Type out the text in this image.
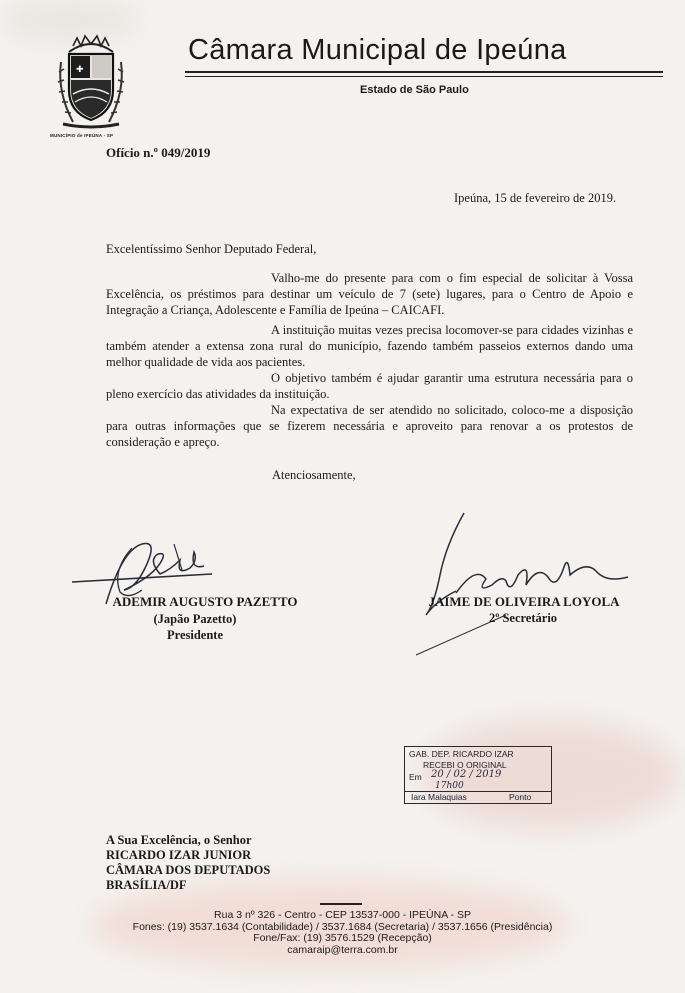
✚
MUNICÍPIO de IPEÚNA - SP
Câmara Municipal de Ipeúna
Estado de São Paulo
Ofício n.º 049/2019
Ipeúna, 15 de fevereiro de 2019.
Excelentíssimo Senhor Deputado Federal,

Valho-me do presente para com o fim especial de solicitar à Vossa Excelência, os préstimos para destinar um veículo de 7 (sete) lugares, para o Centro de Apoio e Integração a Criança, Adolescente e Família de Ipeúna – CAICAFI.

A instituição muitas vezes precisa locomover-se para cidades vizinhas e também atender a extensa zona rural do município, fazendo também passeios externos dando uma melhor qualidade de vida aos pacientes.

O objetivo também é ajudar garantir uma estrutura necessária para o pleno exercício das atividades da instituição.

Na expectativa de ser atendido no solicitado, coloco-me a disposição para outras informações que se fizerem necessária e aproveito para renovar a os protestos de consideração e apreço.

Atenciosamente,
ADEMIR AUGUSTO PAZETTO
(Japão Pazetto)
Presidente
JAIME DE OLIVEIRA LOYOLA
2º Secretário
GAB. DEP. RICARDO IZAR
RECEBI O ORIGINAL
Em 20 / 02 / 2019
17h00
Iara Malaquias	Ponto
A Sua Excelência, o Senhor
RICARDO IZAR JUNIOR
CÂMARA DOS DEPUTADOS
BRASÍLIA/DF
Rua 3 nº 326 - Centro - CEP 13537-000 - IPEÚNA - SP
Fones: (19) 3537.1634 (Contabilidade) / 3537.1684 (Secretaria) / 3537.1656 (Presidência)
Fone/Fax: (19) 3576.1529 (Recepção)
camaraip@terra.com.br
